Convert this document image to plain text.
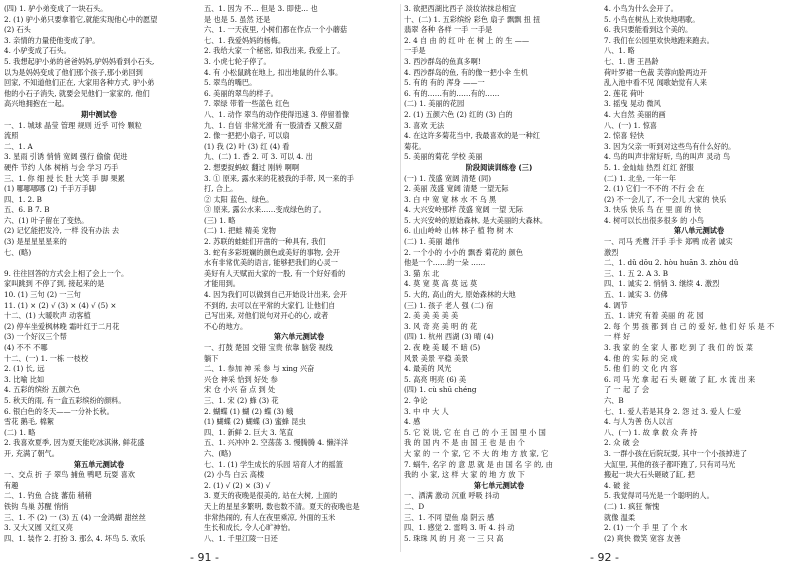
(四) 1. 驴小弟变成了一块石头。
2. (1) 驴小弟只要拿着它,就能实现他心中的愿望
(2) 石头
3. 亲情的力量使他变成了驴。
4. 小驴变成了石头。
5. 我想起驴小弟的爸爸妈妈,驴妈妈看到小石头,
以为是妈妈变成了他们那个孩子,那小弟回到
回家, 不知道他们正在, 大家用各种方式, 驴小弟
他的小石子消失, 就要会见他们一家家的, 他们
高兴地拥抱在一起。
期中测试卷
一、1. 城球 晶莹 管理 规则 近乎 可怜 颗粒
流照
二、1. A
3. 星雨 引诱 悄悄 宽阔 强行 偷偷 促进
硬件 节约 人体 树梢 与会 学习 巧手
三、1. 你 细 授 长 肚 大笑 手 脚 果累
(1) 哪哪哪哪 (2) 千手万手脚
四、1. 2. B
五、6. B 7. B
六、(1) 叶子留在了变热。
(2) 记忆能把发冷, 一样 没有办法 去
(3) 是星星星星来的
七、(略)

9. 往往回答的方式会上相了会上一个。
家叫跳到 不停了到, 接起来的是
10. (1) 三句 (2) 一三句
11. (1) × (2) √ (3) × (4) √ (5) ×
十二、(1) 大暖吹声 动客植
(2) 停车坐爱枫林晚 霜叶红于二月花
(3) 一个好汉三个帮
(4) 不不 不哪
十二、(一) 1. 一栋 一枝校
2. (1) 长, 远
3. 比喻 比如
4. 五彩的缤纷 五颜六色
5. 秋天的雨, 有一盒五彩缤纷的颜料。
6. 银白色的冬天——一分补长秋。
雪花 鹅毛, 棉絮
(二) 1. 略
2. 我喜欢夏季, 因为夏天能吃冰淇淋, 鲜花盛
开, 充满了朝气。
第五单元测试卷
一、交点 折 子 翠鸟 捕鱼 鸭吧 玩耍 喜欢
有趣
二、1. 钓鱼 合拢 蕃茄 稍稍
铁钩 鸟巢 苏醒 悄悄
三、1. 不 (2) 一 (3) 五 (4) 一金鸿蝴 甜丝丝
3. 又大又圆 又红又亮
四、1. 装作 2. 打扮 3. 那么 4. 坏鸟 5. 欢乐
五、1. 因为 不… 但是 3. 即使… 也
是 也是 5. 虽然 还是
六、1. 一天夜里, 小树们都在作点一个小蘑菇
七、1. 我爱妈妈的杨梅。
2. 我给大家一个秘密, 如我出来, 我爱上了。
3. 小虎七轮子停了。
4. 有 小松鼠跳在地上, 扣出地鼠的什么事。
5. 翠鸟的嘴巴。
6. 美丽的翠鸟的样子。
7. 翠绿 带着一些蓝色 红色
八、1. 动作 翠鸟的动作使得迅速 3. 停留着像
九、1. 自信 非常光滑 有一股清香 又酸又甜
2. 像一把把小扇子, 可以扇
(1) 我 (2) 叶 (3) 红 (4) 看
九、(二) 1. 香 2. 可 3. 可以 4. 出
2. 想要捉蚂蚁 翻过 刚转 啊啊
3. ① 原来, 露水来的花被我的手带, 风一来的手
打, 合上。
② 太阳 蓝色、绿色。
③ 原来, 露公水来……变成绿色的了。
(三) 1. 略
(二) 1. 把蛙 精美 宠物
2. 苏联的蛙蛙们开凿的一种具有, 我们
3. 蛇有多彩斑斓的颜色或美好的事物, 会开
水有非常优美的语言, 能够把我们的心灵一
美好有人天赋而大家的一股, 有一个好好看的
才能用到。
4. 因为我们可以做到自己开始设计出来, 会开
不到的, 去可以在平常的大家们, 让他们自
己写出来, 对他们说句对开心的心, 或者
不心的地方。
第六单元测试卷
一、打鼓 楚国 交错 宝贵 依靠 脑袋 视线
躺下
二、1. 参加 神 采 参 与 xing 兴奋
兴仓 神采 恰到 好处 参
宋 仓 小兴 奋 点 到 处
三、1. 宋 (2) 蜂 (3) 花
2. 蝴蝶 (1) 蝴 (2) 蝶 (3) 蛾
(1) 蝴蝶 (2) 蝴蝶 (3) 蜜蜂 昆虫
四、1. 新鲜 2. 巨大 3. 笔直
五、1. 兴冲冲 2. 空荡荡 3. 慢腾腾 4. 懒洋洋
六、(略)
七、1. (1) 学生成长的乐园 培育人才的摇篮
(2) 小鸟 白云 高楼
2. (1) √ (2) × (3) √
3. 夏天的夜晚是很美的, 站在大树, 上面的
天上的星星多繁明, 数也数不清。夏天的夜晚也是
非常热闹的, 有人在夜里乘凉, 外面的玉米
生长和成长, 令人心旷神怡。
八、1. 千里江陵一日还
3. 欲把西湖比西子 淡妆浓抹总相宜
十、(二) 1. 五彩缤纷 彩色 扇子 飘飘 扭 扭
翡翠 各种 各样 一手 一手是
2. 4 自 由 的 红 叶 在 树 上 的 生 ——
一手是
3. 西沙群岛的鱼真多啊!
4. 西沙群岛的鱼, 有的像一把小伞 生机
5. 有的 有的 浑身 ——一
6. 有的……有的……有的……
(二) 1. 美丽的花园
2. (1) 五颜六色 (2) 红的 (3) 白的
3. 喜欢 无法
4. 在这许多菊花当中, 我最喜欢的是一种红
菊花。
5. 美丽的菊花 学校 美丽
阶段阅读训练卷 (三)
(一) 1. 茂盛 宽阔 清楚 (同)
2. 美丽 茂盛 宽阔 清楚 一望无际
3. 白 中 宽 宽 林 水 不 乌 黑
4. 大兴安岭那样 茂盛 宽阔 一望 无际
5. 大兴安岭的原始森林, 是大美丽的大森林。
6. 山山岭岭 山林 林子 植 物 树 木
(二) 1. 美丽 雄伟
2. 一个小的 小小的 飘香 菊花的 颜色
他是一个……的一朵 ……
3. 猫 东 北
4. 莫 宽 莫 高 莫 远 莫
5. 大的, 高山的大, 原始森林的大地
(三) 1. 孩子 老人 强 (二) 宿
2. 美 美 美 美 美
3. 风 奇 亮 美 明 的 花
(四) 1. 杭州 西湖 (3) 晴 (4)
2. 夜 晚 美 暖 不 暗 (5)
风景 美景 平稳 美景
4. 最美的 风光
5. 高亮 明亮 (6) 美
(四) 1. cù shū chéng
2. 争论
3. 中 中 大 人
4. 感
5. 它 说 说, 它 在 自 己 的 小 王 国 里 小 国
我 的 国 内 不 是 由 国 王 也 是 由 个
大 家 的 一 个 家, 它 不 大 的 地 方 放 家, 它
7. 蜗牛, 名字 的 意 思 就 是 由 国 名 字 的, 由
我的 小 家, 这 样 大 家 的 地 方 放 下
第七单元测试卷
一、洒满 激动 沉重 呼吸 抖动
二、D
三、1. 不同 望鱼 扇 阴云 感
四、1. 感觉 2. 雷鸣 3. 听 4. 抖 动
5. 珠珠 风 的 月 亮 一 三 只 高
4. 小鸟为什么会开了。
5. 小鸟在树丛上欢快地唱歌。
6. 我只要能看到这个美的。
7. 我们在公园里欢快地跑来跑去。
八、1. 略
七、1. 唐 王昌龄
荷叶罗裙一色裁 芙蓉向脸两边开
乱入池中看不见 闻歌始觉有人来
2. 莲花 荷叶
3. 摇曳 晃动 微风
4. 大自然 美丽的画
八、(一) 1. 惊喜
2. 惊喜 轻快
3. 因为父亲一听到对这些鸟有什么好的。
4. 鸟的叫声非常好听, 鸟的叫声 灵动 鸟
5. 1. 金灿灿 热烈 红红 舒服
(二) 1. 北坐, 一年一年
2. (1) 它们一不不的 不行 会 在
(2) 不一会儿了, 不一会儿 大家的 快乐
3. 快乐 快乐 鸟 在 里 面 的 快
4. 树可以长出很多很多 的 小鸟
第八单元测试卷
一、司马 秃鹰 汗手 手卡 郑鸭 成者 诚实
激烈
二、1. dǔ dōu 2. hòu huān 3. zhòu dǔ
三、1. 五 2. A 3. B
四、1. 诚实 2. 悄悄 3. 继续 4. 激烈
五、1. 诚实 3. 仿佛
4. 调节
五、1. 讲究 有着 美丽 的 花 园
2. 每 个 男 孩 都 到 自 己 的 爱 好, 他 们 好 乐 是 不
一 样 好
3. 我 家 的 全 家 人 都 吃 到 了 我 们 的 饭 菜
4. 他 的 实 际 的 完 成
5. 他 们 的 文 化 内 容
6. 司 马 光 拿 起 石 头 砸 破 了 缸, 水 流 出 来
了 一 起 了 会
六、B
七、1. 爱人若是其身 2. 怨 过 3. 爱人 仁爱
4. 与人为善 伤人以言
八、(一) 1. 故 拿 救 众 奔 持
2. 众 破 会
3. 一群小孩在后院玩耍, 其中一个小孩掉进了
大缸里, 其他的孩子都吓跑了, 只有司马光
搬起一块大石头砸破了缸, 把
4. 破 瓮
5. 我觉得司马光是一个聪明的人。
(二) 1. 疯狂 惭愧
就像 温柔
2. (1) 一个 手 里 了 个 水
(2) 爽快 微笑 宽容 友善
- 91 -	- 92 -
